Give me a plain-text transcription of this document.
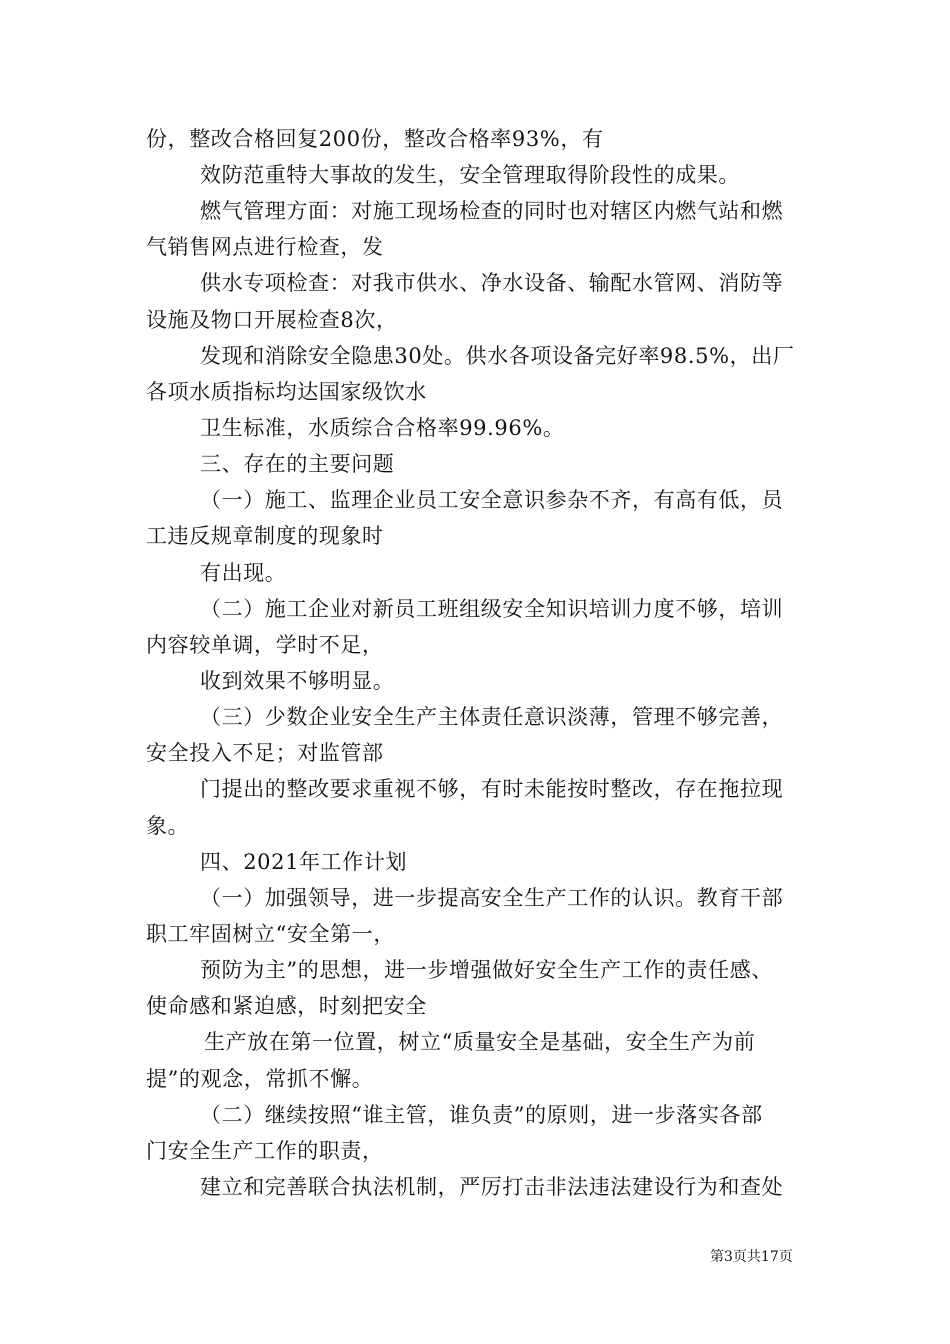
份，整改合格回复200份，整改合格率93%，有
效防范重特大事故的发生，安全管理取得阶段性的成果。
燃气管理方面：对施工现场检查的同时也对辖区内燃气站和燃
气销售网点进行检查，发
供水专项检查：对我市供水、净水设备、输配水管网、消防等
设施及物口开展检查8次，
发现和消除安全隐患30处。供水各项设备完好率98.5%，出厂
各项水质指标均达国家级饮水
卫生标准，水质综合合格率99.96%。
三、存在的主要问题
（一）施工、监理企业员工安全意识参杂不齐，有高有低，员
工违反规章制度的现象时
有出现。
（二）施工企业对新员工班组级安全知识培训力度不够，培训
内容较单调，学时不足，
收到效果不够明显。
（三）少数企业安全生产主体责任意识淡薄，管理不够完善，
安全投入不足；对监管部
门提出的整改要求重视不够，有时未能按时整改，存在拖拉现
象。
四、2021年工作计划
（一）加强领导，进一步提高安全生产工作的认识。教育干部
职工牢固树立“安全第一，
预防为主”的思想，进一步增强做好安全生产工作的责任感、
使命感和紧迫感，时刻把安全
生产放在第一位置，树立“质量安全是基础，安全生产为前
提”的观念，常抓不懈。
（二）继续按照“谁主管，谁负责”的原则，进一步落实各部
门安全生产工作的职责，
建立和完善联合执法机制，严厉打击非法违法建设行为和查处
第3页共17页
